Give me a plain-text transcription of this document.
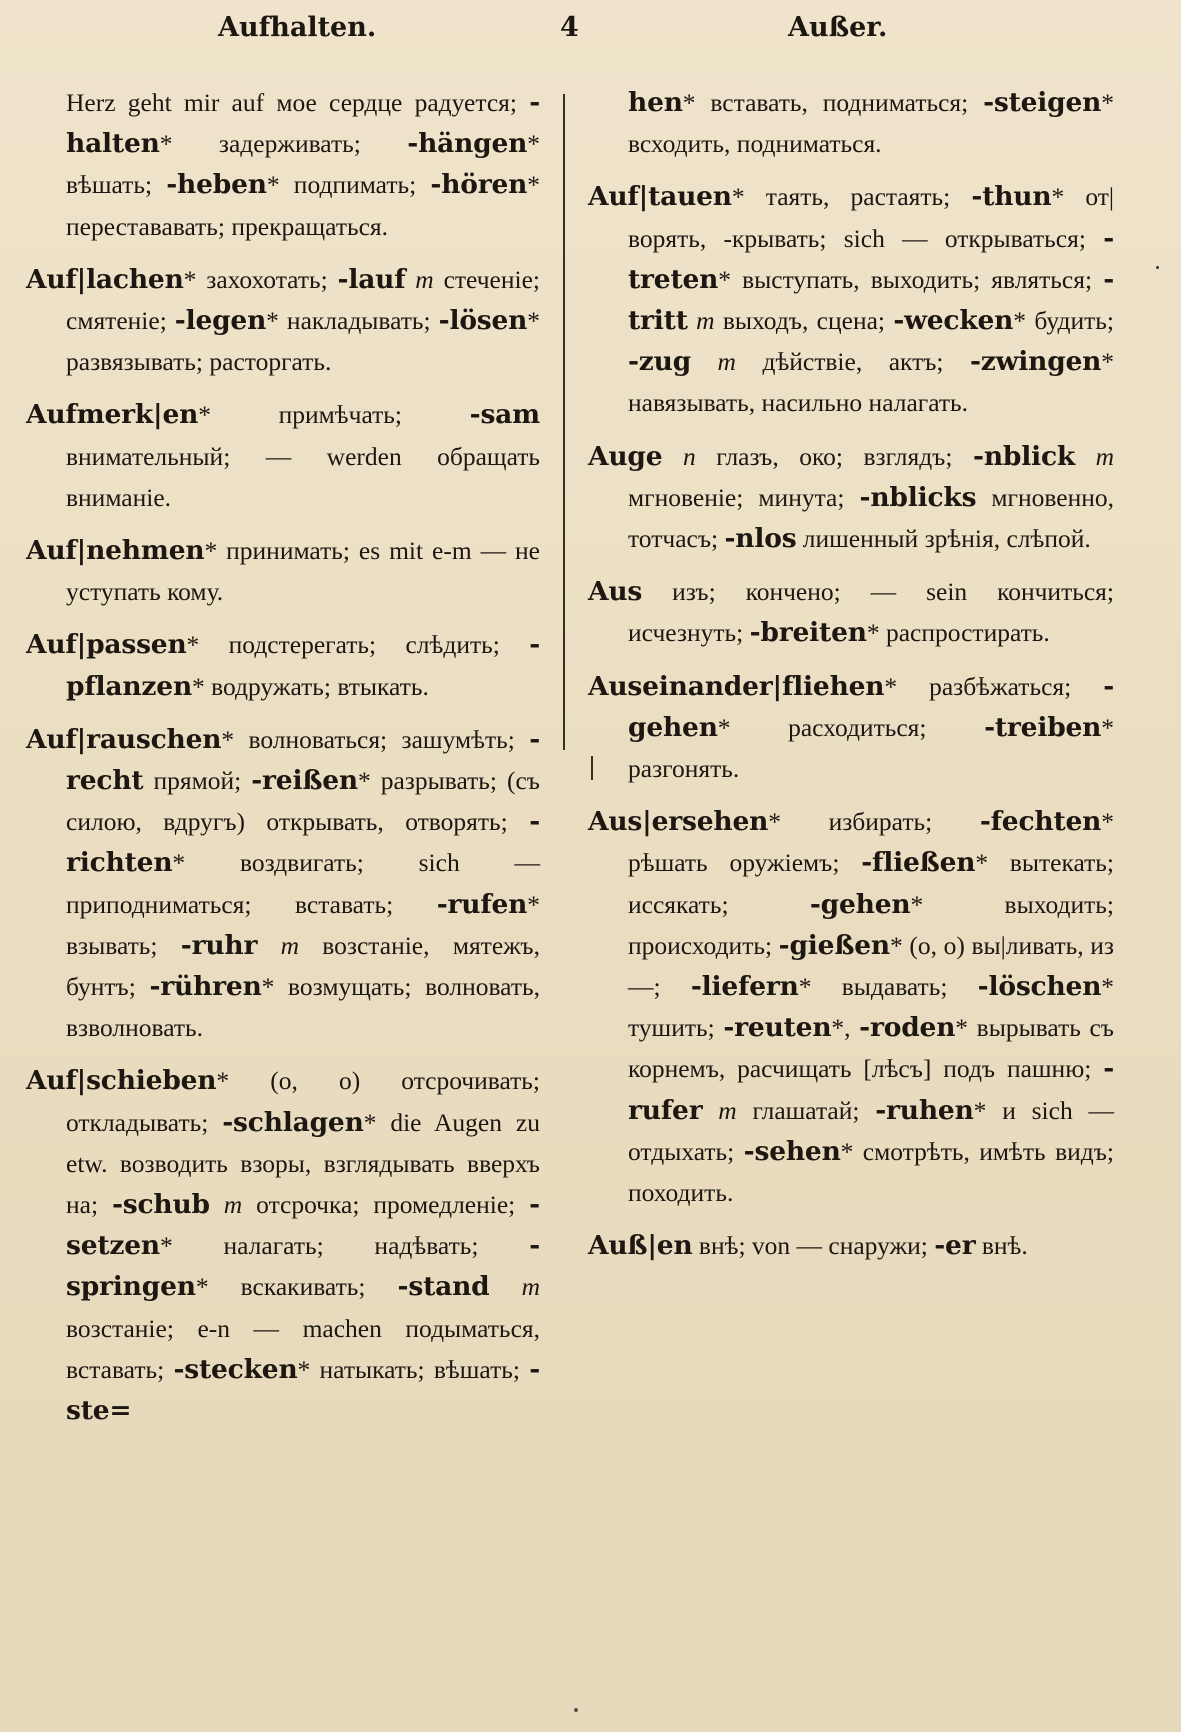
Aufhalten.	4	Außer.

Herz geht mir auf мое сердце радуется; -halten* задерживать; -hängen* вѣшать; -heben* подпимать; -hören* перестававать; прекращаться.

Auf|lachen* захохотать; -lauf m стеченіе; смятеніе; -legen* накладывать; -lösen* развязывать; расторгать.

Aufmerk|en* примѣчать; -sam внимательный; — werden обращать вниманіе.

Auf|nehmen* принимать; es mit e-m — не уступать кому.

Auf|passen* подстерегать; слѣдить; -pflanzen* водружать; втыкать.

Auf|rauschen* волноваться; зашумѣть; -recht прямой; -reißen* разрывать; (съ силою, вдругъ) открывать, отворять; -richten* воздвигать; sich — приподниматься; вставать; -rufen* взывать; -ruhr m возстаніе, мятежъ, бунтъ; -rühren* возмущать; волновать, взволновать.

Auf|schieben* (o, o) отсрочивать; откладывать; -schlagen* die Augen zu etw. возводить взоры, взглядывать вверхъ на; -schub m отсрочка; промедленіе; -setzen* налагать; надѣвать; -springen* вскакивать; -stand m возстаніе; e-n — machen подыматься, вставать; -stecken* натыкать; вѣшать; -ste=

hen* вставать, подниматься; -steigen* всходить, подниматься.

Auf|tauen* таять, растаять; -thun* от|ворять, -крывать; sich — открываться; -treten* выступать, выходить; являться; -tritt m выходъ, сцена; -wecken* будить; -zug m дѣйствіе, актъ; -zwingen* навязывать, насильно налагать.

Auge n глазъ, око; взглядъ; -nblick m мгновеніе; минута; -nblicks мгновенно, тотчасъ; -nlos лишенный зрѣнія, слѣпой.

Aus изъ; кончено; — sein кончиться; исчезнуть; -breiten* распростирать.

Auseinander|fliehen* разбѣжаться; -gehen* расходиться; -treiben* разгонять.

Aus|ersehen* избирать; -fechten* рѣшать оружіемъ; -fließen* вытекать; иссякать; -gehen* выходить; происходить; -gießen* (o, o) вы|ливать, из—; -liefern* выдавать; -löschen* тушить; -reuten*, -roden* вырывать съ корнемъ, расчищать [лѣсъ] подъ пашню; -rufer m глашатай; -ruhen* и sich — отдыхать; -sehen* смотрѣть, имѣть видъ; походить.

Auß|en внѣ; von — снаружи; -er внѣ.
